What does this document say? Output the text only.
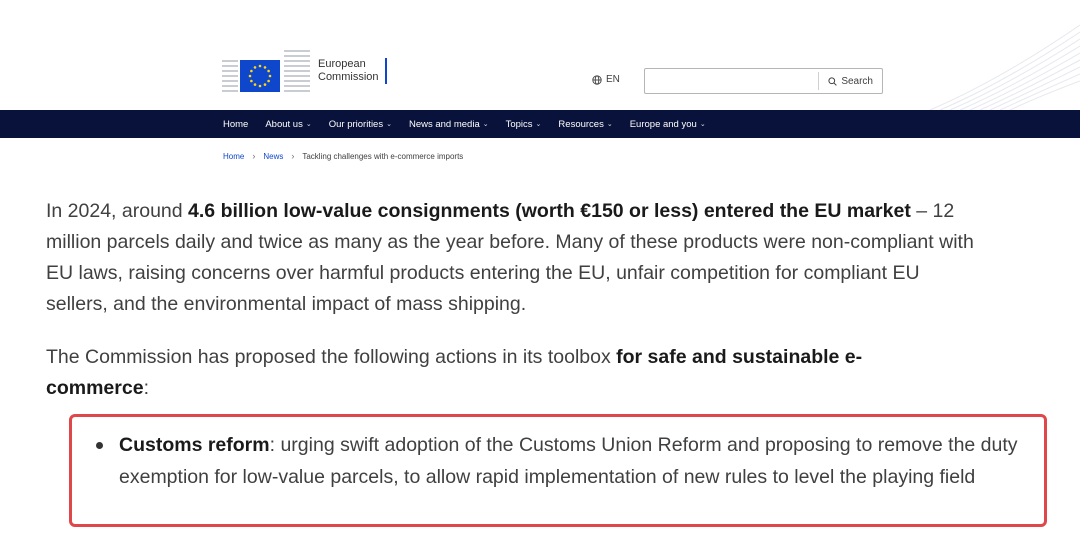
European
Commission	EN	Search
Home About us ⌄ Our priorities ⌄ News and media ⌄ Topics ⌄ Resources ⌄ Europe and you ⌄
Home › News › Tackling challenges with e-commerce imports

In 2024, around 4.6 billion low-value consignments (worth €150 or less) entered the EU market – 12 million parcels daily and twice as many as the year before. Many of these products were non-compliant with EU laws, raising concerns over harmful products entering the EU, unfair competition for compliant EU sellers, and the environmental impact of mass shipping.

The Commission has proposed the following actions in its toolbox for safe and sustainable e-commerce:

Customs reform: urging swift adoption of the Customs Union Reform and proposing to remove the duty exemption for low-value parcels, to allow rapid implementation of new rules to level the playing field
